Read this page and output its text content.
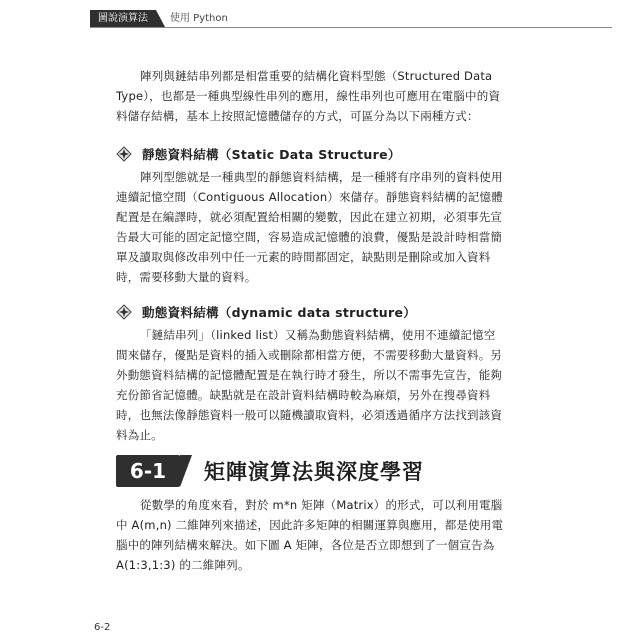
圖說演算法	使用 Python

陣列與鏈結串列都是相當重要的結構化資料型態（Structured Data Type），也都是一種典型線性串列的應用，線性串列也可應用在電腦中的資料儲存結構，基本上按照記憶體儲存的方式，可區分為以下兩種方式：

靜態資料結構（Static Data Structure）

陣列型態就是一種典型的靜態資料結構，是一種將有序串列的資料使用連續記憶空間（Contiguous Allocation）來儲存。靜態資料結構的記憶體配置是在編譯時，就必須配置給相關的變數，因此在建立初期，必須事先宣告最大可能的固定記憶空間，容易造成記憶體的浪費，優點是設計時相當簡單及讀取與修改串列中任一元素的時間都固定，缺點則是刪除或加入資料時，需要移動大量的資料。

動態資料結構（dynamic data structure）

「鏈結串列」（linked list）又稱為動態資料結構，使用不連續記憶空間來儲存，優點是資料的插入或刪除都相當方便，不需要移動大量資料。另外動態資料結構的記憶體配置是在執行時才發生，所以不需事先宣告，能夠充份節省記憶體。缺點就是在設計資料結構時較為麻煩，另外在搜尋資料時，也無法像靜態資料一般可以隨機讀取資料，必須透過循序方法找到該資料為止。

6-1	矩陣演算法與深度學習

從數學的角度來看，對於 m*n 矩陣（Matrix）的形式，可以利用電腦中 A(m,n) 二維陣列來描述，因此許多矩陣的相關運算與應用，都是使用電腦中的陣列結構來解決。如下圖 A 矩陣，各位是否立即想到了一個宣告為 A(1:3,1:3) 的二維陣列。

6-2
